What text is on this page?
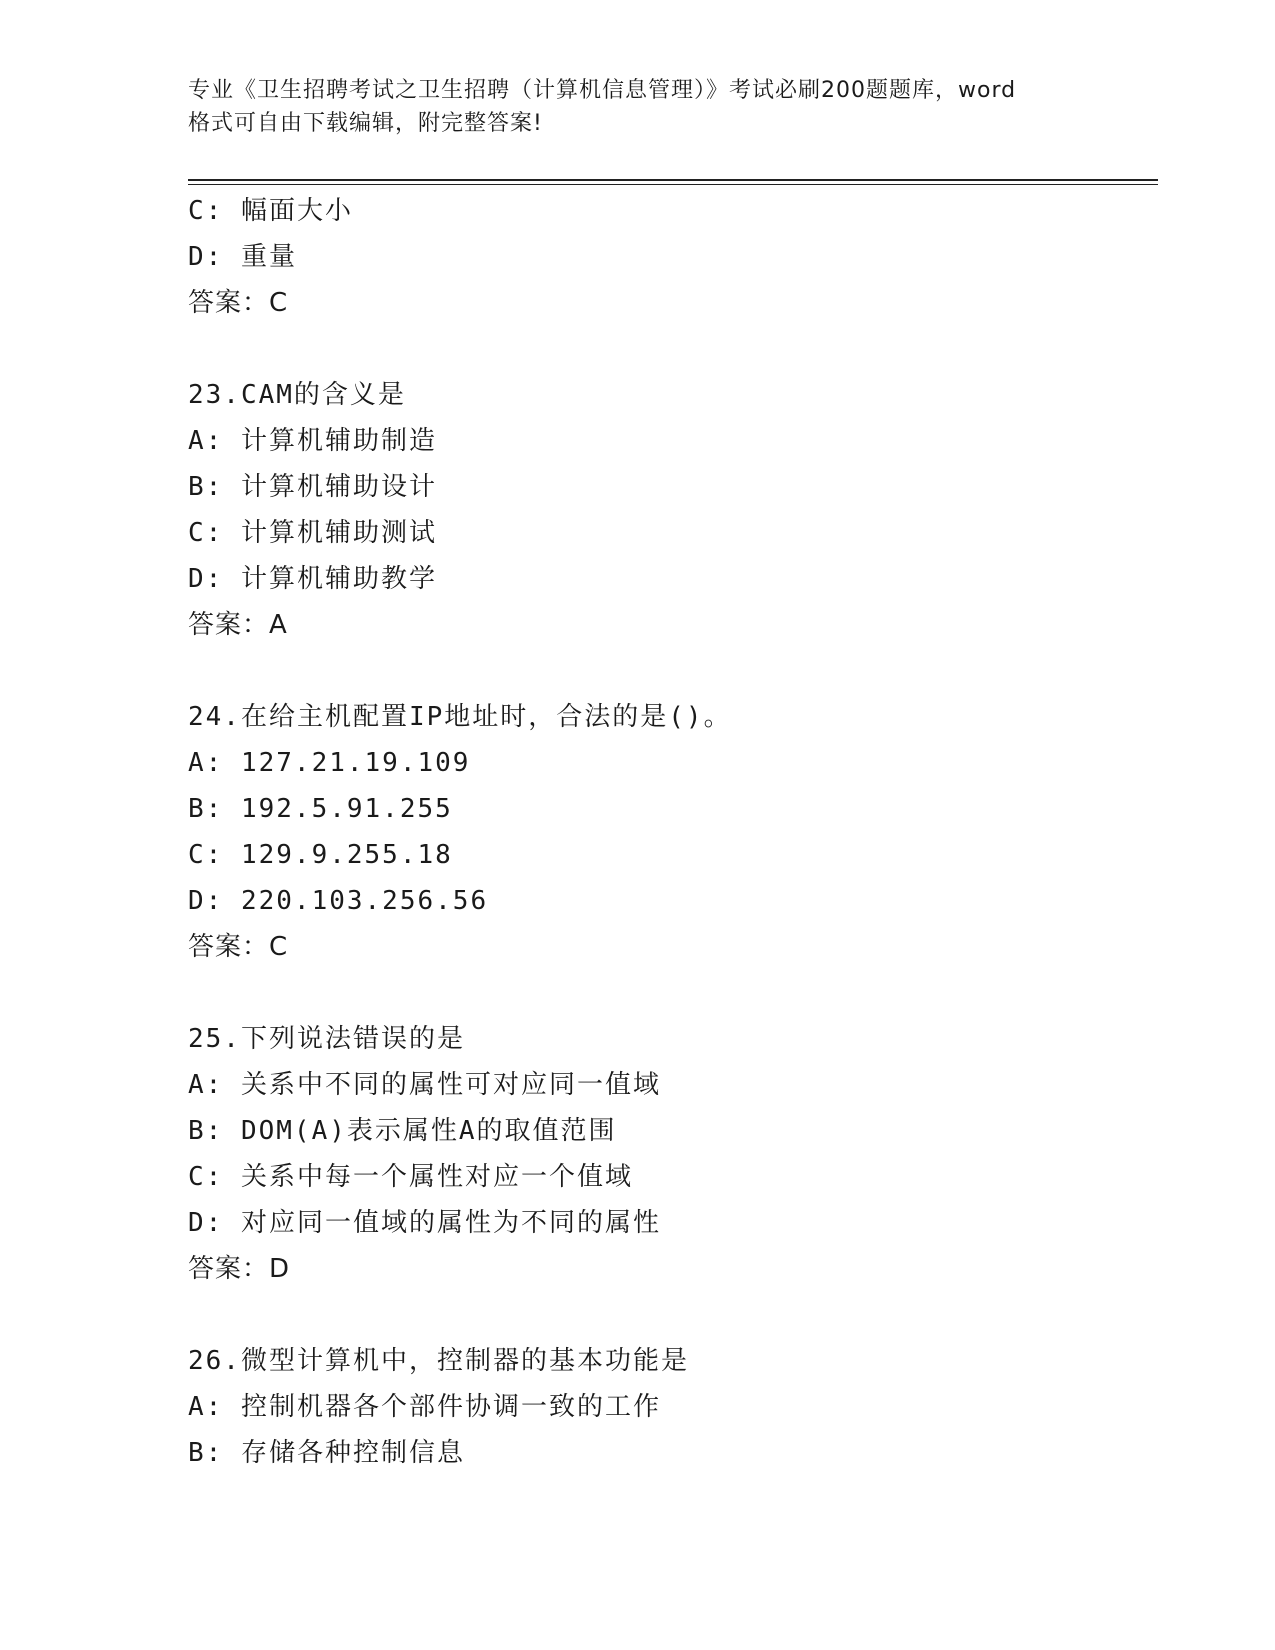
专业《卫生招聘考试之卫生招聘（计算机信息管理）》考试必刷200题题库，word
格式可自由下载编辑，附完整答案!
C: 幅面大小
D: 重量
答案：C
23.CAM的含义是
A: 计算机辅助制造
B: 计算机辅助设计
C: 计算机辅助测试
D: 计算机辅助教学
答案：A
24.在给主机配置IP地址时，合法的是()。
A: 127.21.19.109
B: 192.5.91.255
C: 129.9.255.18
D: 220.103.256.56
答案：C
25.下列说法错误的是
A: 关系中不同的属性可对应同一值域
B: DOM(A)表示属性A的取值范围
C: 关系中每一个属性对应一个值域
D: 对应同一值域的属性为不同的属性
答案：D
26.微型计算机中，控制器的基本功能是
A: 控制机器各个部件协调一致的工作
B: 存储各种控制信息
